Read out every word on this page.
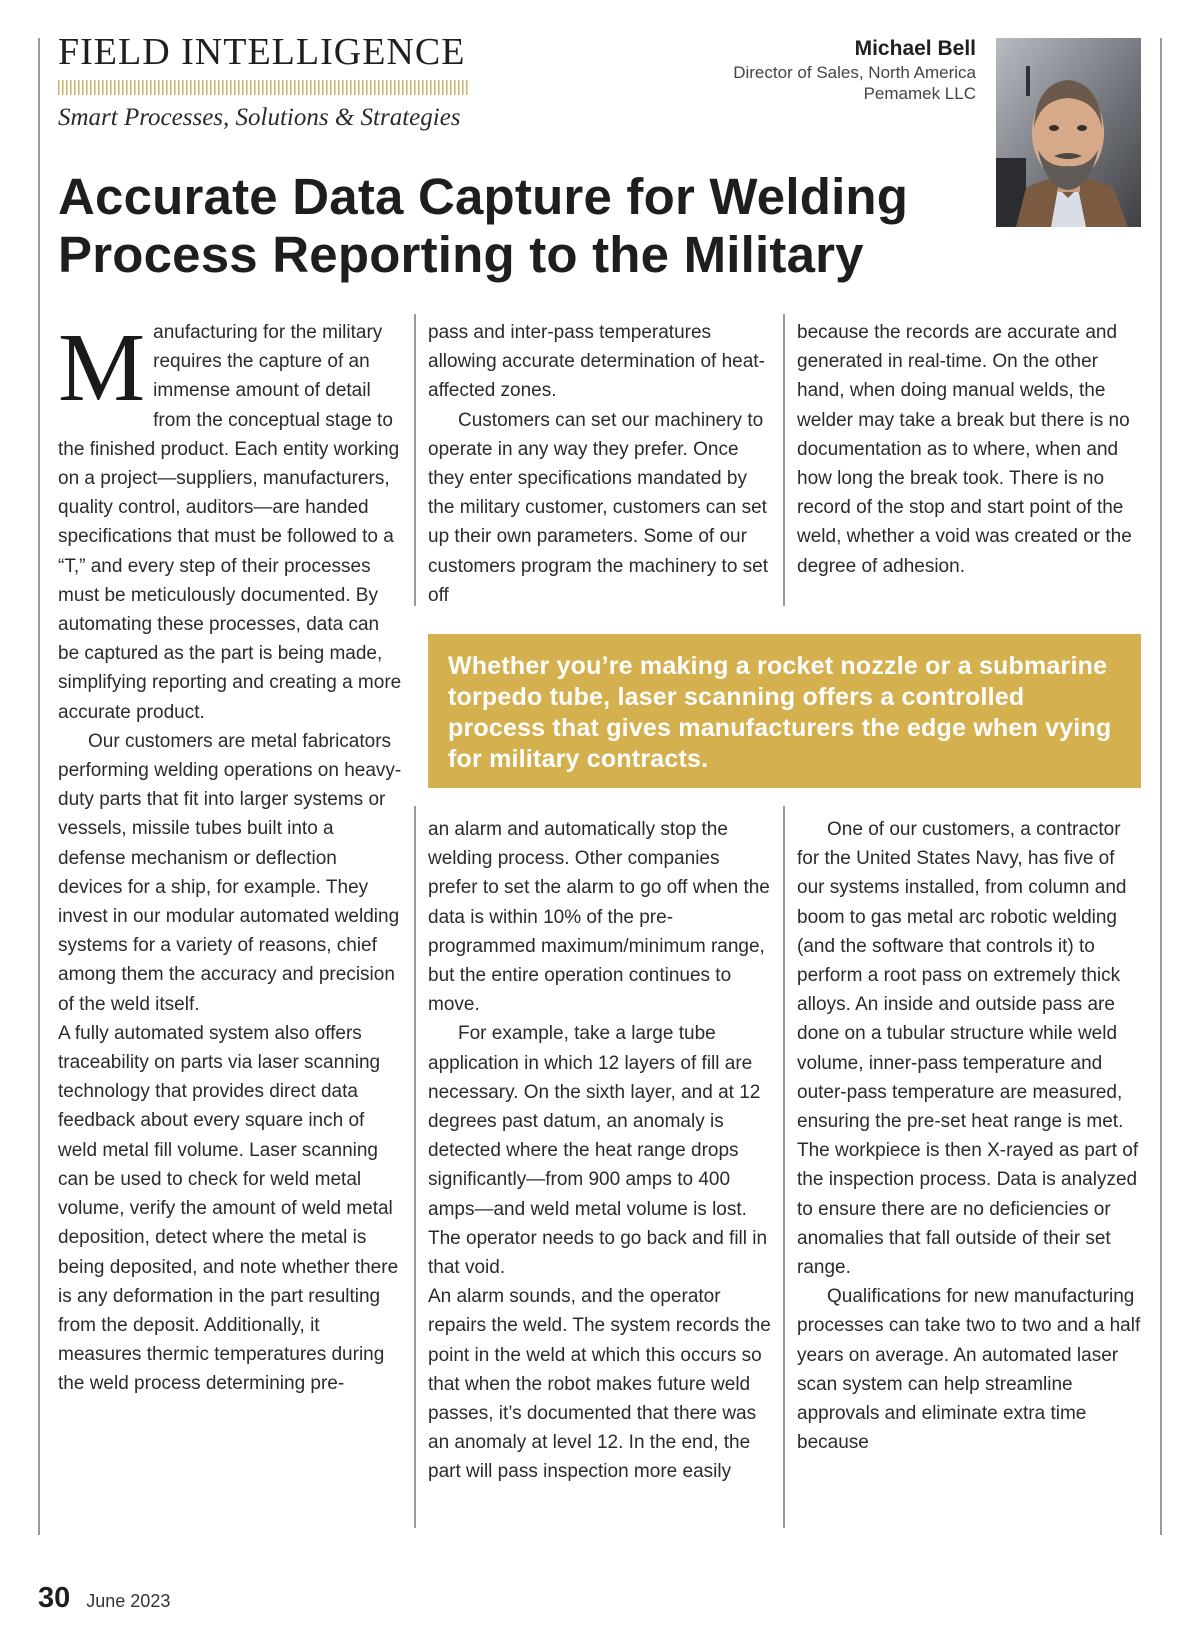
FIELD INTELLIGENCE
Smart Processes, Solutions & Strategies
Michael Bell
Director of Sales, North America
Pemamek LLC
Accurate Data Capture for Welding
Process Reporting to the Military

M anufacturing for the military requires the capture of an immense amount of detail from the conceptual stage to the finished product. Each entity working on a project—suppliers, manufacturers, quality control, auditors—are handed specifications that must be followed to a “T,” and every step of their processes must be meticulously documented. By automating these processes, data can be captured as the part is being made, simplifying reporting and creating a more accurate product.

Our customers are metal fabricators performing welding operations on heavy-duty parts that fit into larger systems or vessels, missile tubes built into a defense mechanism or deflection devices for a ship, for example. They invest in our modular automated welding systems for a variety of reasons, chief among them the accuracy and precision of the weld itself.

A fully automated system also offers traceability on parts via laser scanning technology that provides direct data feedback about every square inch of weld metal fill volume. Laser scanning can be used to check for weld metal volume, verify the amount of weld metal deposition, detect where the metal is being deposited, and note whether there is any deformation in the part resulting from the deposit. Additionally, it measures thermic temperatures during the weld process determining pre-

pass and inter-pass temperatures allowing accurate determination of heat-affected zones.

Customers can set our machinery to operate in any way they prefer. Once they enter specifications mandated by the military customer, customers can set up their own parameters. Some of our customers program the machinery to set off

because the records are accurate and generated in real-time. On the other hand, when doing manual welds, the welder may take a break but there is no documentation as to where, when and how long the break took. There is no record of the stop and start point of the weld, whether a void was created or the degree of adhesion.

Whether you’re making a rocket nozzle or a submarine torpedo tube, laser scanning offers a controlled process that gives manufacturers the edge when vying for military contracts.

an alarm and automatically stop the welding process. Other companies prefer to set the alarm to go off when the data is within 10% of the pre-programmed maximum/minimum range, but the entire operation continues to move.

For example, take a large tube application in which 12 layers of fill are necessary. On the sixth layer, and at 12 degrees past datum, an anomaly is detected where the heat range drops significantly—from 900 amps to 400 amps—and weld metal volume is lost. The operator needs to go back and fill in that void.

An alarm sounds, and the operator repairs the weld. The system records the point in the weld at which this occurs so that when the robot makes future weld passes, it’s documented that there was an anomaly at level 12. In the end, the part will pass inspection more easily

One of our customers, a contractor for the United States Navy, has five of our systems installed, from column and boom to gas metal arc robotic welding (and the software that controls it) to perform a root pass on extremely thick alloys. An inside and outside pass are done on a tubular structure while weld volume, inner-pass temperature and outer-pass temperature are measured, ensuring the pre-set heat range is met. The workpiece is then X-rayed as part of the inspection process. Data is analyzed to ensure there are no deficiencies or anomalies that fall outside of their set range.

Qualifications for new manufacturing processes can take two to two and a half years on average. An automated laser scan system can help streamline approvals and eliminate extra time because

30 June 2023
